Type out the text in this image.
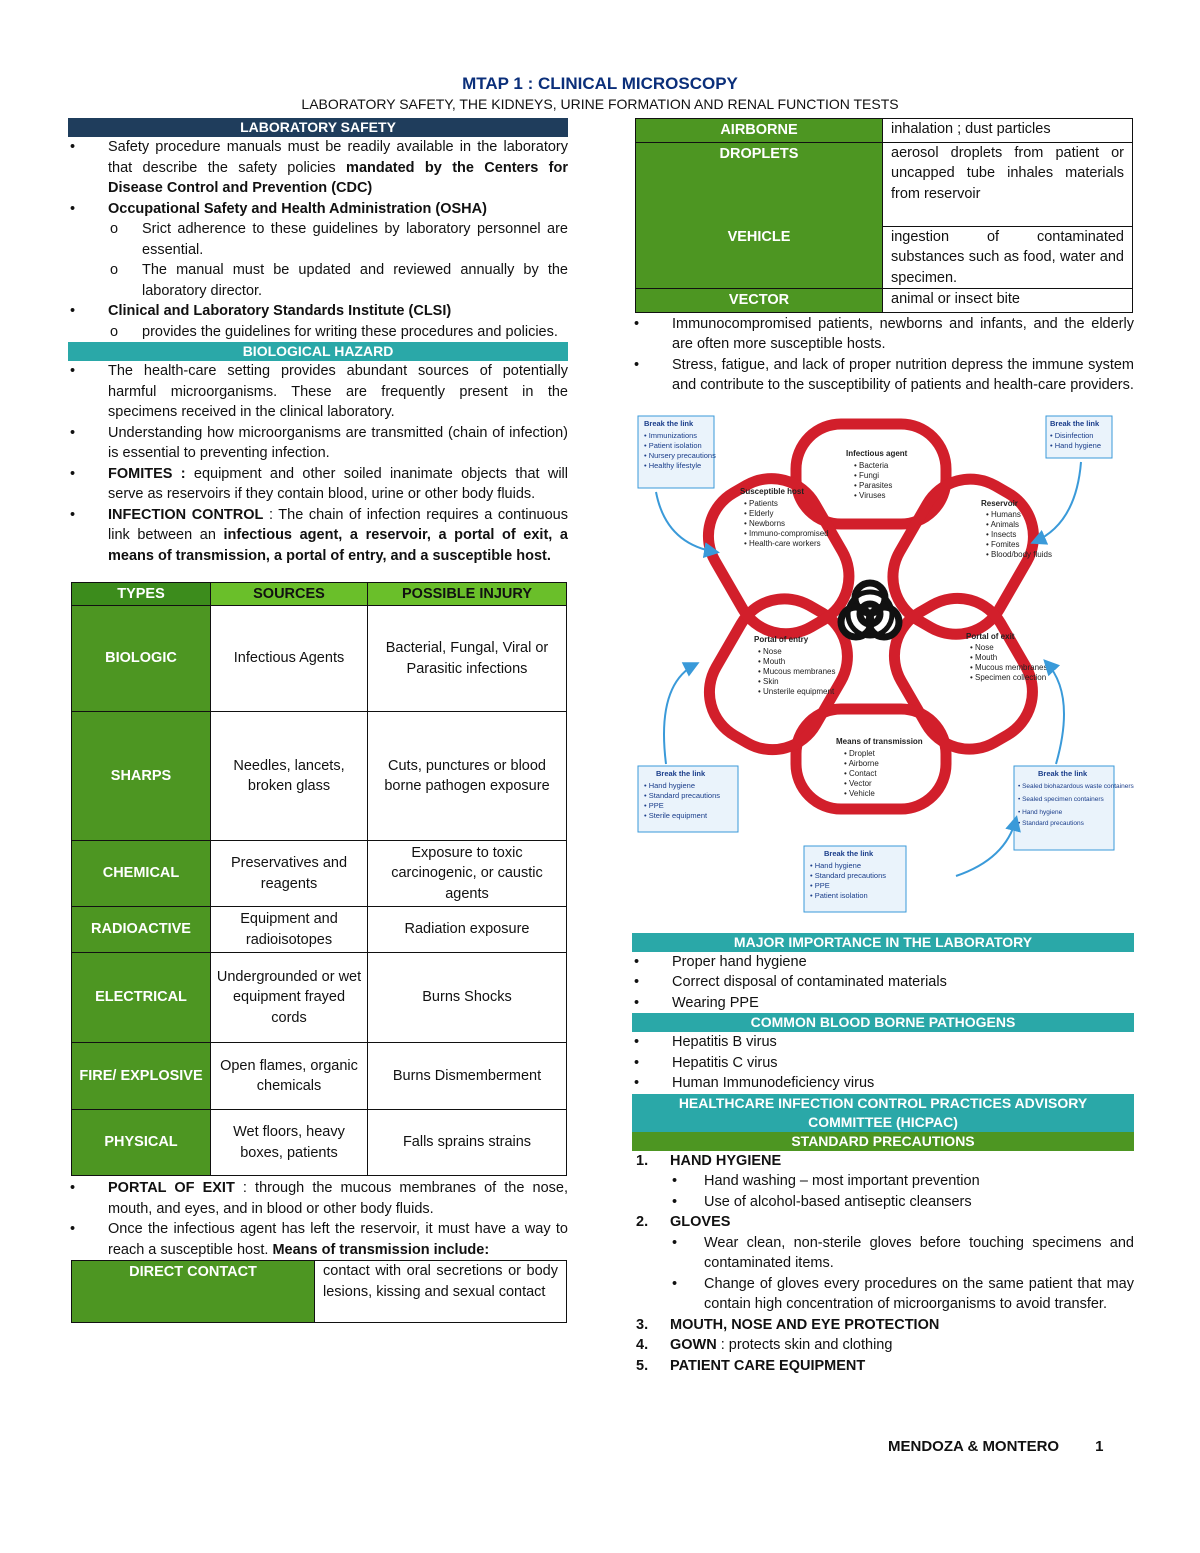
MTAP 1 : CLINICAL MICROSCOPY
LABORATORY SAFETY, THE KIDNEYS, URINE FORMATION AND RENAL FUNCTION TESTS
LABORATORY SAFETY
• Safety procedure manuals must be readily available in the laboratory that describe the safety policies mandated by the Centers for Disease Control and Prevention (CDC)
• Occupational Safety and Health Administration (OSHA)
o Srict adherence to these guidelines by laboratory personnel are essential.
o The manual must be updated and reviewed annually by the laboratory director.
• Clinical and Laboratory Standards Institute (CLSI)
o provides the guidelines for writing these procedures and policies.
BIOLOGICAL HAZARD
• The health-care setting provides abundant sources of potentially harmful microorganisms. These are frequently present in the specimens received in the clinical laboratory.
• Understanding how microorganisms are transmitted (chain of infection) is essential to preventing infection.
• FOMITES : equipment and other soiled inanimate objects that will serve as reservoirs if they contain blood, urine or other body fluids.
• INFECTION CONTROL : The chain of infection requires a continuous link between an infectious agent, a reservoir, a portal of exit, a means of transmission, a portal of entry, and a susceptible host.
TYPES	SOURCES	POSSIBLE INJURY
BIOLOGIC	Infectious Agents	Bacterial, Fungal, Viral or Parasitic infections
SHARPS	Needles, lancets, broken glass	Cuts, punctures or blood borne pathogen exposure
CHEMICAL	Preservatives and reagents	Exposure to toxic carcinogenic, or caustic agents
RADIOACTIVE	Equipment and radioisotopes	Radiation exposure
ELECTRICAL	Undergrounded or wet equipment frayed cords	Burns Shocks
FIRE/ EXPLOSIVE	Open flames, organic chemicals	Burns Dismemberment
PHYSICAL	Wet floors, heavy boxes, patients	Falls sprains strains
• PORTAL OF EXIT : through the mucous membranes of the nose, mouth, and eyes, and in blood or other body fluids.
• Once the infectious agent has left the reservoir, it must have a way to reach a susceptible host. Means of transmission include:
DIRECT CONTACT	contact with oral secretions or body lesions, kissing and sexual contact
AIRBORNE	inhalation ; dust particles
DROPLETS	aerosol droplets from patient or uncapped tube inhales materials from reservoir
VEHICLE	ingestion of contaminated substances such as food, water and specimen.
VECTOR	animal or insect bite
• Immunocompromised patients, newborns and infants, and the elderly are often more susceptible hosts.
• Stress, fatigue, and lack of proper nutrition depress the immune system and contribute to the susceptibility of patients and health-care providers.
Infectious agent
• Bacteria
• Fungi
• Parasites
• Viruses
Reservoir
• Humans
• Animals
• Insects
• Fomites
• Blood/body fluids
Portal of exit
• Nose
• Mouth
• Mucous membranes
• Specimen collection
Means of transmission
• Droplet
• Airborne
• Contact
• Vector
• Vehicle
Portal of entry
• Nose
• Mouth
• Mucous membranes
• Skin
• Unsterile equipment
Susceptible host
• Patients
• Elderly
• Newborns
• Immuno-compromised
• Health-care workers
Break the link
• Immunizations
• Patient isolation
• Nursery precautions
• Healthy lifestyle
Break the link
• Disinfection
• Hand hygiene
Break the link
• Hand hygiene
• Standard precautions
• PPE
• Sterile equipment
Break the link
• Sealed biohazardous waste containers
• Sealed specimen containers
• Hand hygiene
• Standard precautions
Break the link
• Hand hygiene
• Standard precautions
• PPE
• Patient isolation
MAJOR IMPORTANCE IN THE LABORATORY
• Proper hand hygiene
• Correct disposal of contaminated materials
• Wearing PPE
COMMON BLOOD BORNE PATHOGENS
• Hepatitis B virus
• Hepatitis C virus
• Human Immunodeficiency virus
HEALTHCARE INFECTION CONTROL PRACTICES ADVISORY COMMITTEE (HICPAC)
STANDARD PRECAUTIONS
1. HAND HYGIENE
• Hand washing – most important prevention
• Use of alcohol-based antiseptic cleansers
2. GLOVES
• Wear clean, non-sterile gloves before touching specimens and contaminated items.
• Change of gloves every procedures on the same patient that may contain high concentration of microorganisms to avoid transfer.
3. MOUTH, NOSE AND EYE PROTECTION
4. GOWN : protects skin and clothing
5. PATIENT CARE EQUIPMENT
MENDOZA & MONTERO 1
